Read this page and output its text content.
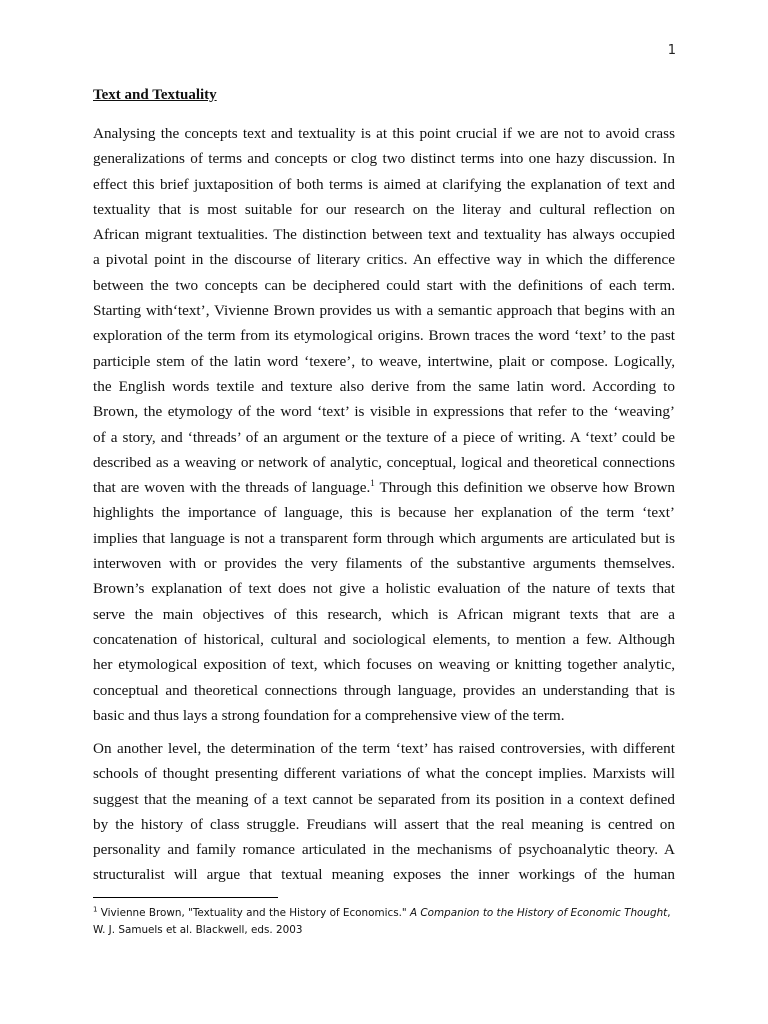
1
Text and Textuality

Analysing the concepts text and textuality is at this point crucial if we are not to avoid crass
generalizations of terms and concepts or clog two distinct terms into one hazy discussion. In
effect this brief juxtaposition of both terms is aimed at clarifying the explanation of text and
textuality that is most suitable for our research on the literay and cultural reflection on
African migrant textualities. The distinction between text and textuality has always occupied
a pivotal point in the discourse of literary critics. An effective way in which the difference
between the two concepts can be deciphered could start with the definitions of each term.
Starting with‘text’, Vivienne Brown provides us with a semantic approach that begins with an
exploration of the term from its etymological origins. Brown traces the word ‘text’ to the past
participle stem of the latin word ‘texere’, to weave, intertwine, plait or compose. Logically,
the English words textile and texture also derive from the same latin word. According to
Brown, the etymology of the word ‘text’ is visible in expressions that refer to the ‘weaving’
of a story, and ‘threads’ of an argument or the texture of a piece of writing. A ‘text’ could be
described as a weaving or network of analytic, conceptual, logical and theoretical connections
that are woven with the threads of language.$^1$ Through this definition we observe how Brown
highlights the importance of language, this is because her explanation of the term ‘text’
implies that language is not a transparent form through which arguments are articulated but is
interwoven with or provides the very filaments of the substantive arguments themselves.
Brown’s explanation of text does not give a holistic evaluation of the nature of texts that
serve the main objectives of this research, which is African migrant texts that are a
concatenation of historical, cultural and sociological elements, to mention a few. Although
her etymological exposition of text, which focuses on weaving or knitting together analytic,
conceptual and theoretical connections through language, provides an understanding that is
basic and thus lays a strong foundation for a comprehensive view of the term.

On another level, the determination of the term ‘text’ has raised controversies, with different
schools of thought presenting different variations of what the concept implies. Marxists will
suggest that the meaning of a text cannot be separated from its position in a context defined
by the history of class struggle. Freudians will assert that the real meaning is centred on
personality and family romance articulated in the mechanisms of psychoanalytic theory. A
structuralist will argue that textual meaning exposes the inner workings of the human

$^1$ Vivienne Brown, "Textuality and the History of Economics." A Companion to the History of Economic Thought,
W. J. Samuels et al. Blackwell, eds. 2003
